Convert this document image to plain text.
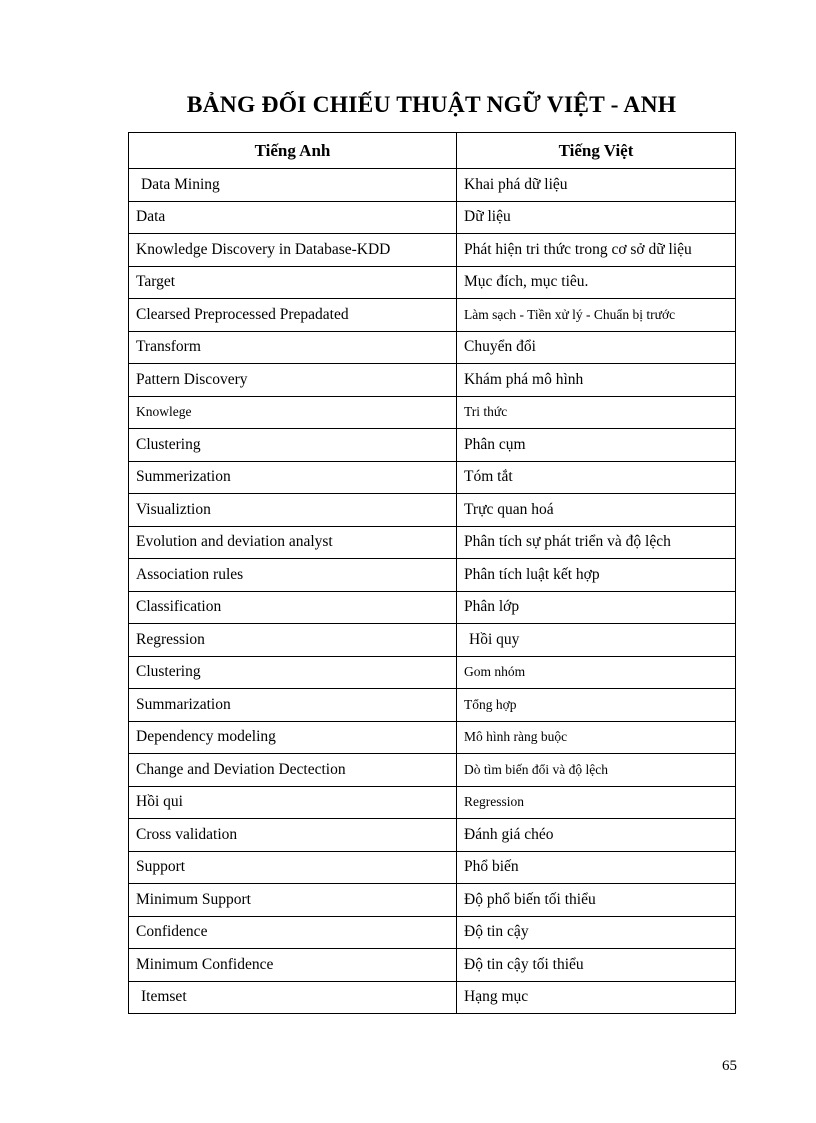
BẢNG ĐỐI CHIẾU THUẬT NGỮ VIỆT - ANH
Tiếng Anh	Tiếng Việt
Data Mining	Khai phá dữ liệu
Data	Dữ liệu
Knowledge Discovery in Database-KDD	Phát hiện tri thức trong cơ sở dữ liệu
Target	Mục đích, mục tiêu.
Clearsed Preprocessed Prepadated	Làm sạch - Tiền xử lý - Chuẩn bị trước
Transform	Chuyển đổi
Pattern Discovery	Khám phá mô hình
Knowlege	Tri thức
Clustering	Phân cụm
Summerization	Tóm tắt
Visualiztion	Trực quan hoá
Evolution and deviation analyst	Phân tích sự phát triển và độ lệch
Association rules	Phân tích luật kết hợp
Classification	Phân lớp
Regression	Hồi quy
Clustering	Gom nhóm
Summarization	Tổng hợp
Dependency modeling	Mô hình ràng buộc
Change and Deviation Dectection	Dò tìm biến đổi và độ lệch
Hồi qui	Regression
Cross validation	Đánh giá chéo
Support	Phổ biến
Minimum Support	Độ phổ biến tối thiểu
Confidence	Độ tin cậy
Minimum Confidence	Độ tin cậy tối thiểu
Itemset	Hạng mục
65
